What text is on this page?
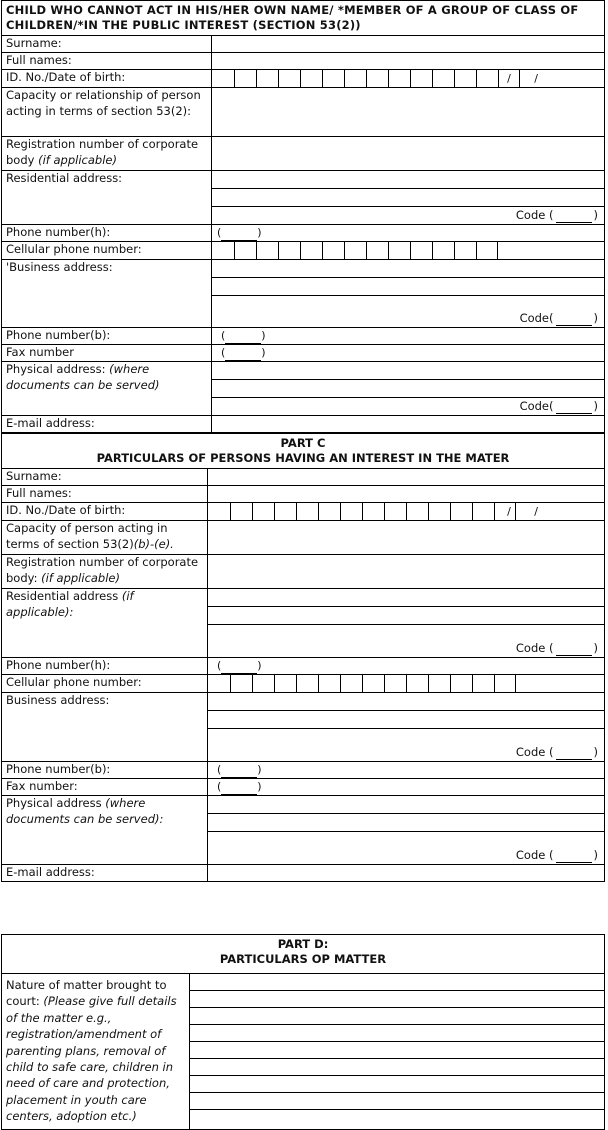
CHILD WHO CANNOT ACT IN HIS/HER OWN NAME/ *MEMBER OF A GROUP OF CLASS OF CHILDREN/*IN THE PUBLIC INTEREST (SECTION 53(2))	
Surname:	
Full names:	
ID. No./Date of birth:	/ /

Capacity or relationship of person acting in terms of section 53(2):	
Registration number of corporate body (if applicable)	
Residential address:	Code ( )

Phone number(h):	( )
Cellular phone number:	

'Business address:	Code( )

Phone number(b):	( )
Fax number	( )
Physical address: (where documents can be served)	Code( )

E-mail address:	
PART C
PARTICULARS OF PERSONS HAVING AN INTEREST IN THE MATER	

Surname:	
Full names:	
ID. No./Date of birth:	/ /

Capacity of person acting in terms of section 53(2)(b)-(e).	
Registration number of corporate body: (if applicable)	
Residential address (if applicable):	Code ( )

Phone number(h):	( )
Cellular phone number:	

Business address:	Code ( )

Phone number(b):	( )
Fax number:	( )
Physical address (where documents can be served):	Code ( )

E-mail address:	
PART D:
PARTICULARS OP MATTER

Nature of matter brought to court: (Please give full details of the matter e.g., registration/amendment of parenting plans, removal of child to safe care, children in need of care and protection, placement in youth care centers, adoption etc.)	
